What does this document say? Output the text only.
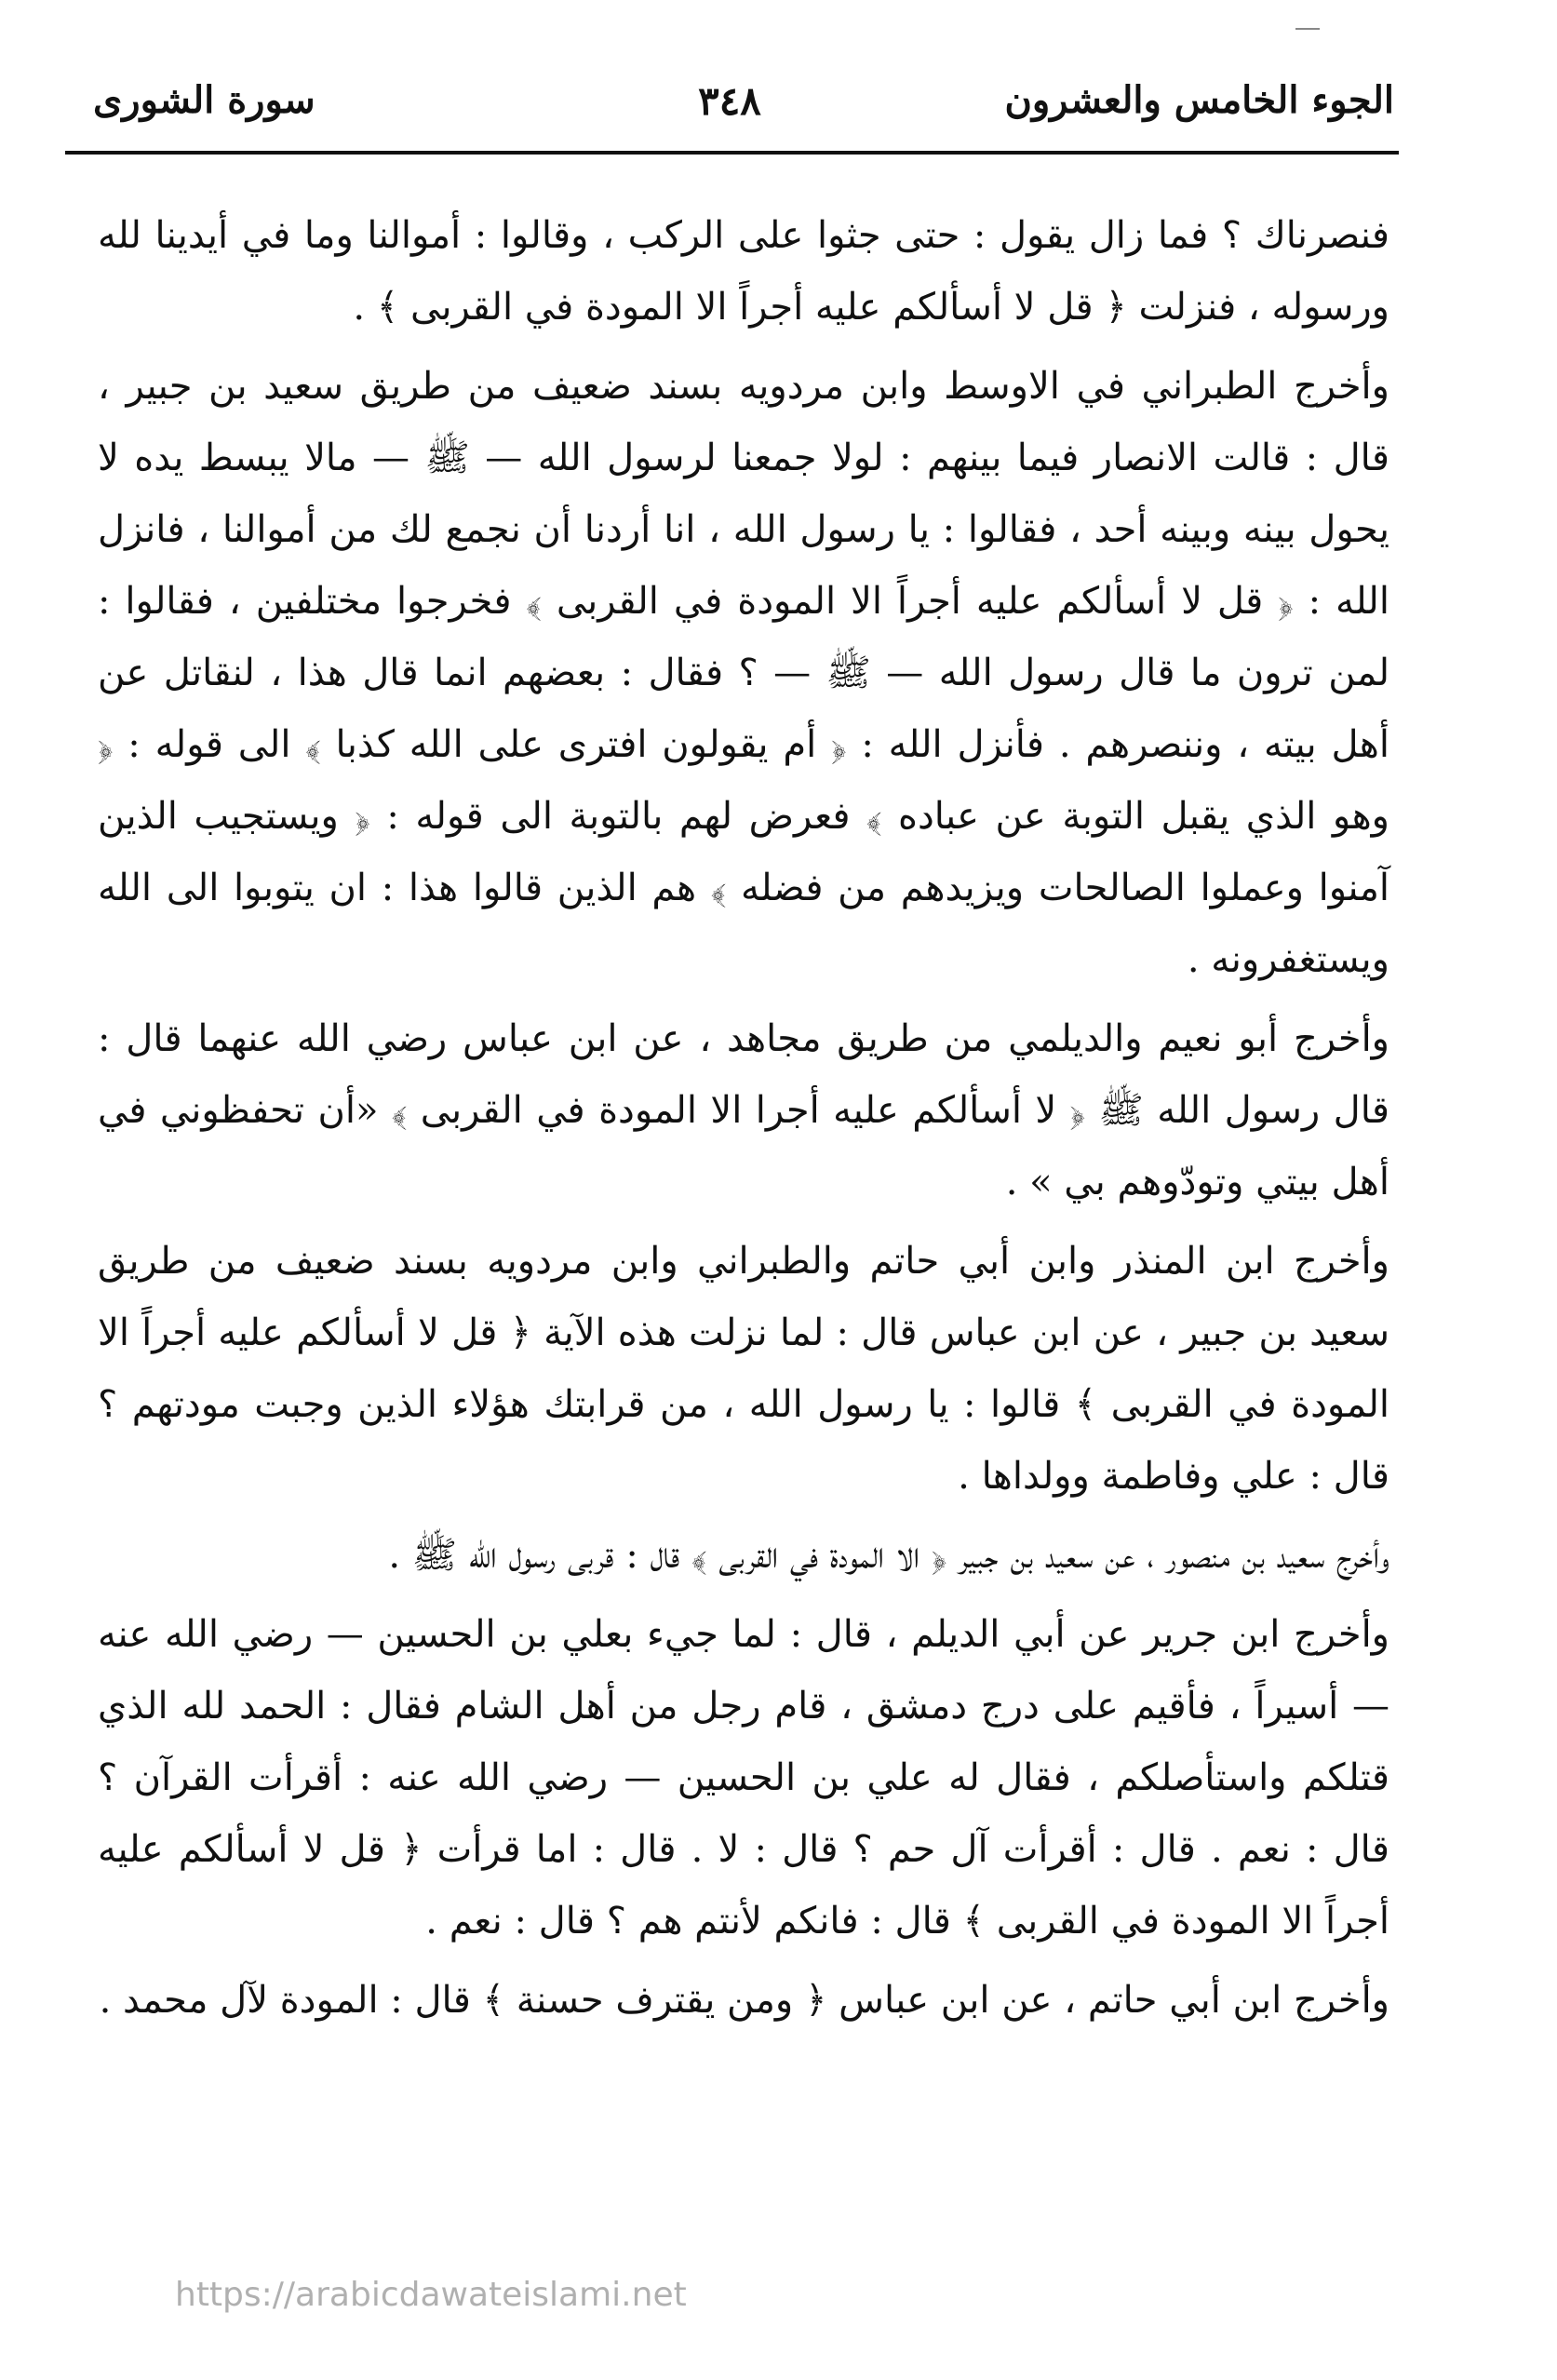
الجوء الخامس والعشرون
٣٤٨
سورة الشورى

فنصرناك ؟ فما زال يقول : حتى جثوا على الركب ، وقالوا : أموالنا وما في أيدينا لله ورسوله ، فنزلت ﴿ قل لا أسألكم عليه أجراً الا المودة في القربى ﴾ .

وأخرج الطبراني في الاوسط وابن مردويه بسند ضعيف من طريق سعيد بن جبير ، قال : قالت الانصار فيما بينهم : لولا جمعنا لرسول الله — ﷺ — مالا يبسط يده لا يحول بينه وبينه أحد ، فقالوا : يا رسول الله ، انا أردنا أن نجمع لك من أموالنا ، فانزل الله : ﴿ قل لا أسألكم عليه أجراً الا المودة في القربى ﴾ فخرجوا مختلفين ، فقالوا : لمن ترون ما قال رسول الله — ﷺ — ؟ فقال : بعضهم انما قال هذا ، لنقاتل عن أهل بيته ، وننصرهم . فأنزل الله : ﴿ أم يقولون افترى على الله كذبا ﴾ الى قوله : ﴿ وهو الذي يقبل التوبة عن عباده ﴾ فعرض لهم بالتوبة الى قوله : ﴿ ويستجيب الذين آمنوا وعملوا الصالحات ويزيدهم من فضله ﴾ هم الذين قالوا هذا : ان يتوبوا الى الله ويستغفرونه .

وأخرج أبو نعيم والديلمي من طريق مجاهد ، عن ابن عباس رضي الله عنهما قال : قال رسول الله ﷺ ﴿ لا أسألكم عليه أجرا الا المودة في القربى ﴾ «أن تحفظوني في أهل بيتي وتودّوهم بي » .

وأخرج ابن المنذر وابن أبي حاتم والطبراني وابن مردويه بسند ضعيف من طريق سعيد بن جبير ، عن ابن عباس قال : لما نزلت هذه الآية ﴿ قل لا أسألكم عليه أجراً الا المودة في القربى ﴾ قالوا : يا رسول الله ، من قرابتك هؤلاء الذين وجبت مودتهم ؟ قال : علي وفاطمة وولداها .

وأخرج سعيد بن منصور ، عن سعيد بن جبير ﴿ الا المودة في القربى ﴾ قال : قربى رسول الله ﷺ .

وأخرج ابن جرير عن أبي الديلم ، قال : لما جيء بعلي بن الحسين — رضي الله عنه — أسيراً ، فأقيم على درج دمشق ، قام رجل من أهل الشام فقال : الحمد لله الذي قتلكم واستأصلكم ، فقال له علي بن الحسين — رضي الله عنه : أقرأت القرآن ؟ قال : نعم . قال : أقرأت آل حم ؟ قال : لا . قال : اما قرأت ﴿ قل لا أسألكم عليه أجراً الا المودة في القربى ﴾ قال : فانكم لأنتم هم ؟ قال : نعم .

وأخرج ابن أبي حاتم ، عن ابن عباس ﴿ ومن يقترف حسنة ﴾ قال : المودة لآل محمد .

https://arabicdawateislami.net
